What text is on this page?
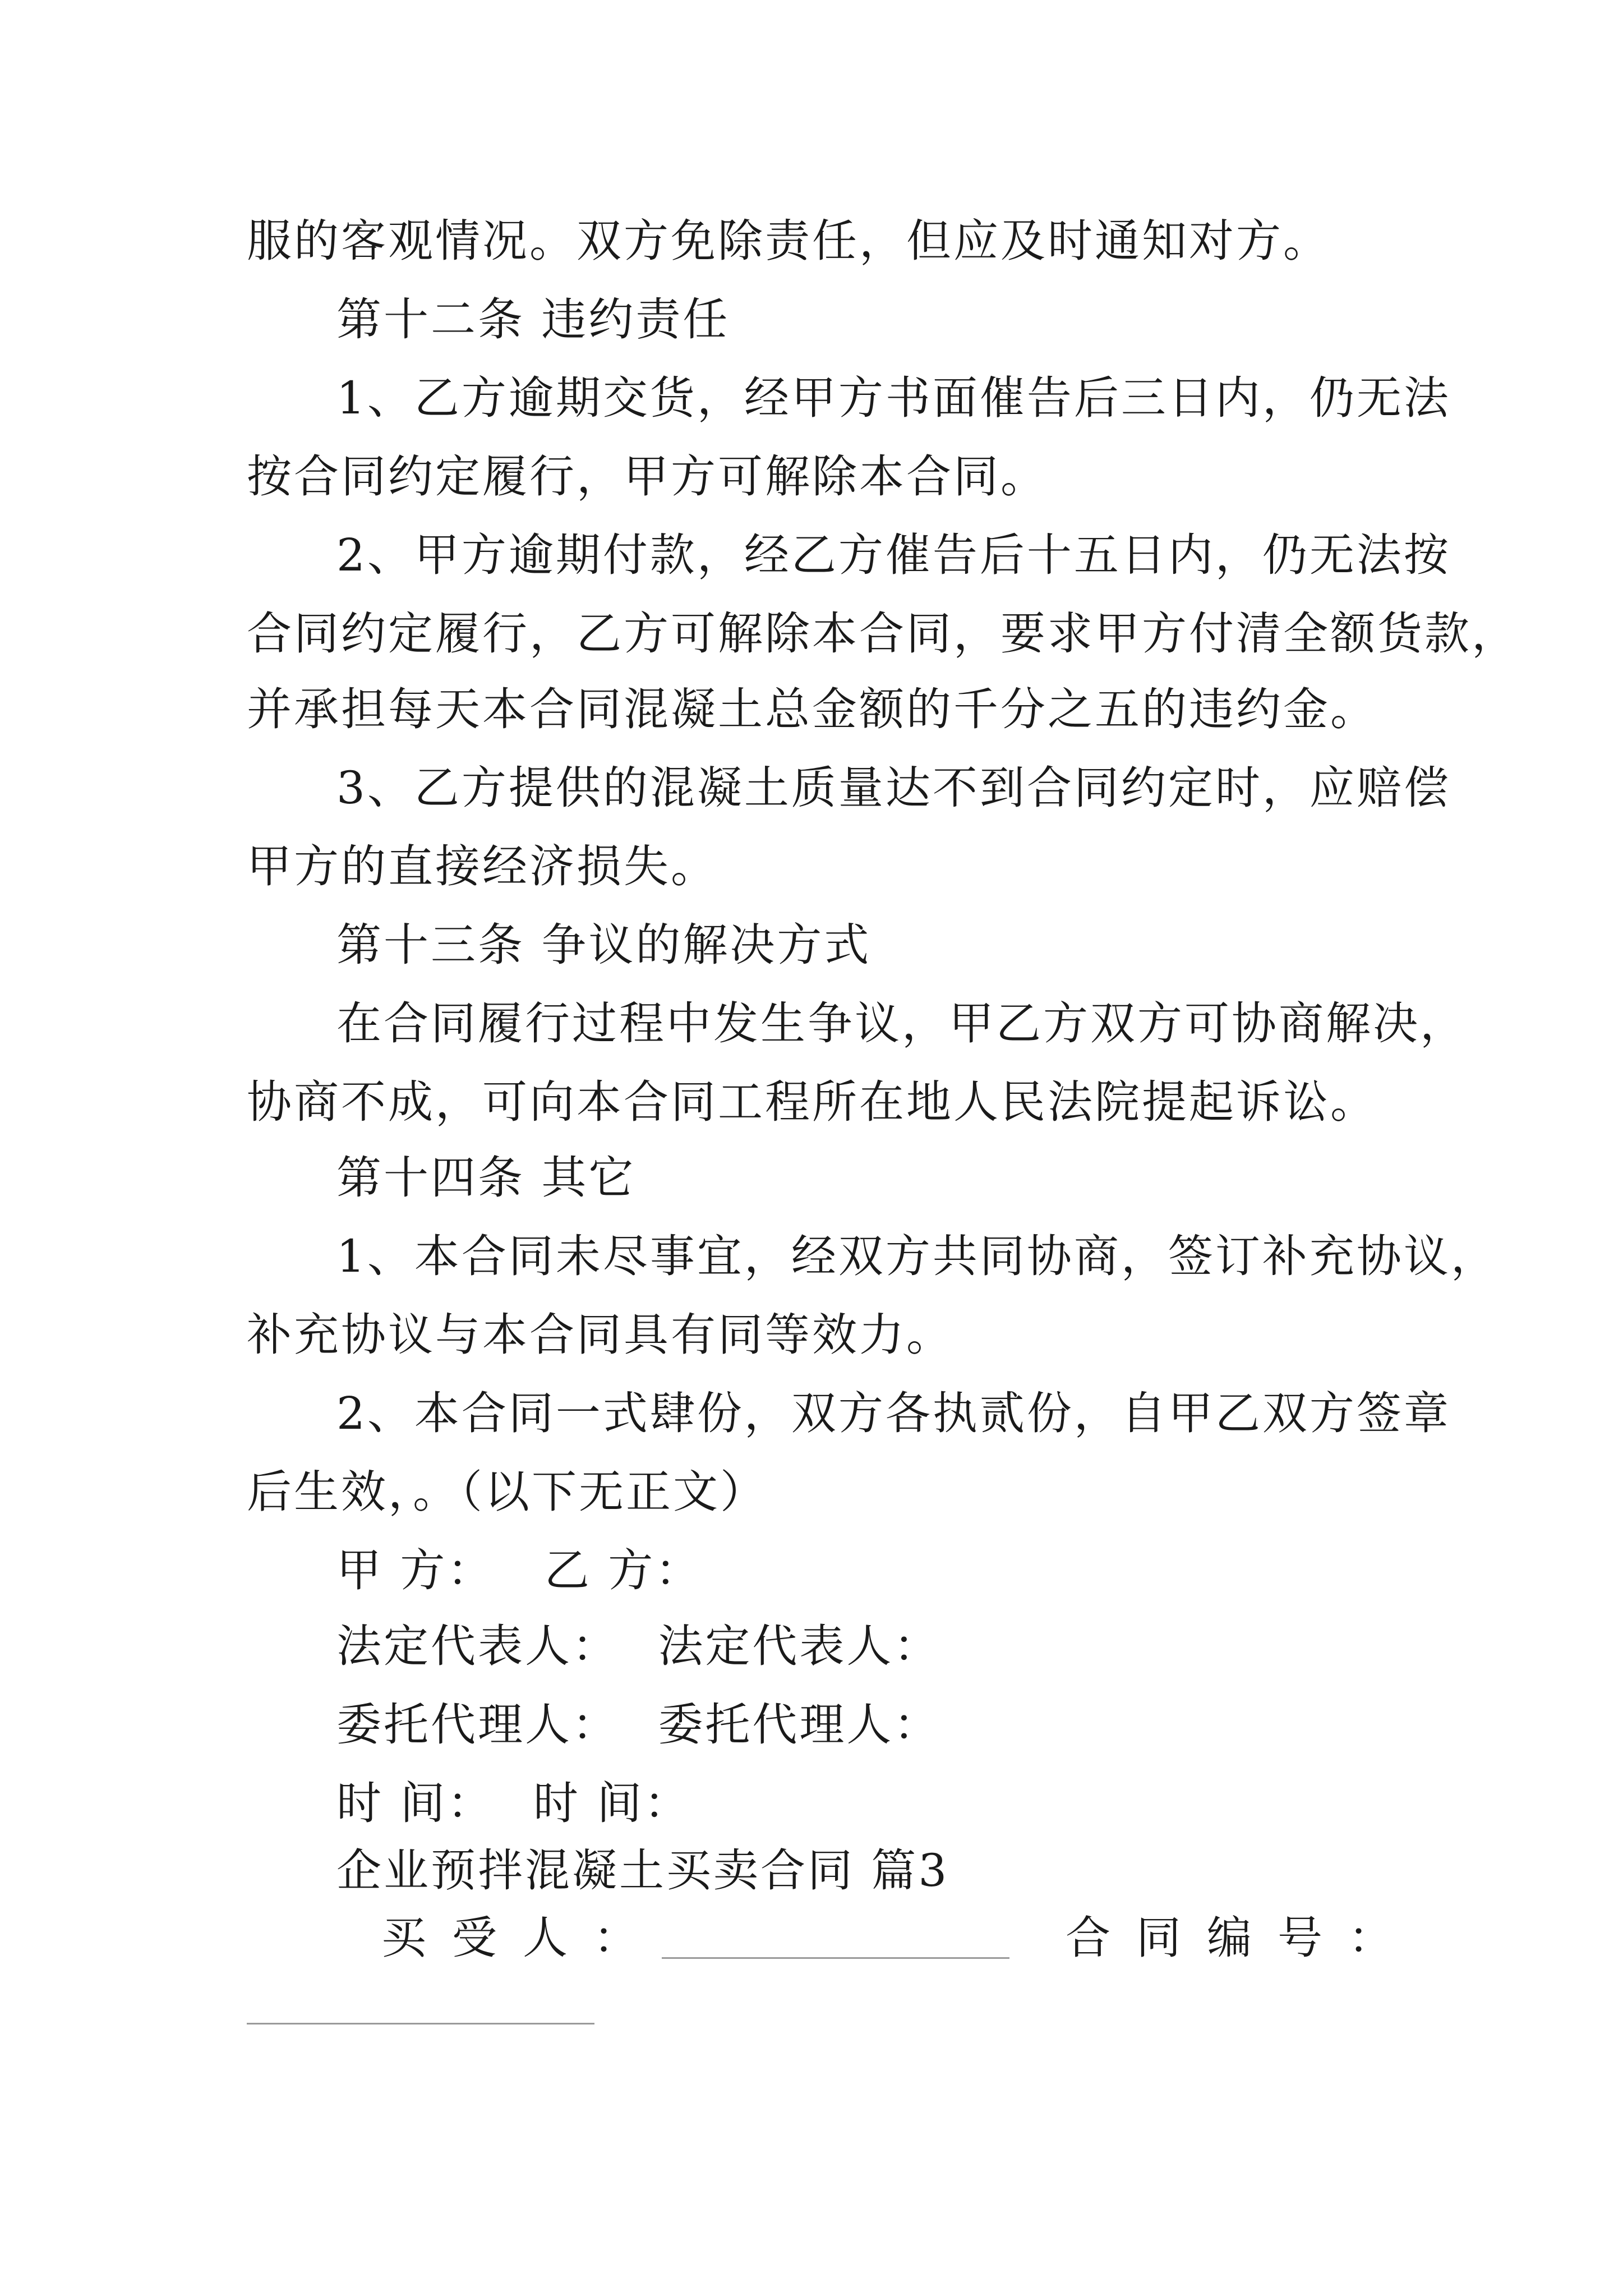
服的客观情况。双方免除责任，但应及时通知对方。
第十二条 违约责任
1、乙方逾期交货，经甲方书面催告后三日内，仍无法
按合同约定履行，甲方可解除本合同。
2、甲方逾期付款，经乙方催告后十五日内，仍无法按
合同约定履行，乙方可解除本合同，要求甲方付清全额货款，
并承担每天本合同混凝土总金额的千分之五的违约金。
3、乙方提供的混凝土质量达不到合同约定时，应赔偿
甲方的直接经济损失。
第十三条 争议的解决方式
在合同履行过程中发生争议，甲乙方双方可协商解决，
协商不成，可向本合同工程所在地人民法院提起诉讼。
第十四条 其它
1、本合同未尽事宜，经双方共同协商，签订补充协议，
补充协议与本合同具有同等效力。
2、本合同一式肆份，双方各执贰份，自甲乙双方签章
后生效，。（以下无正文）
甲 方： 乙 方：
法定代表人： 法定代表人：
委托代理人： 委托代理人：
时 间： 时 间：
企业预拌混凝土买卖合同 篇3
买受人：	合同编号：
